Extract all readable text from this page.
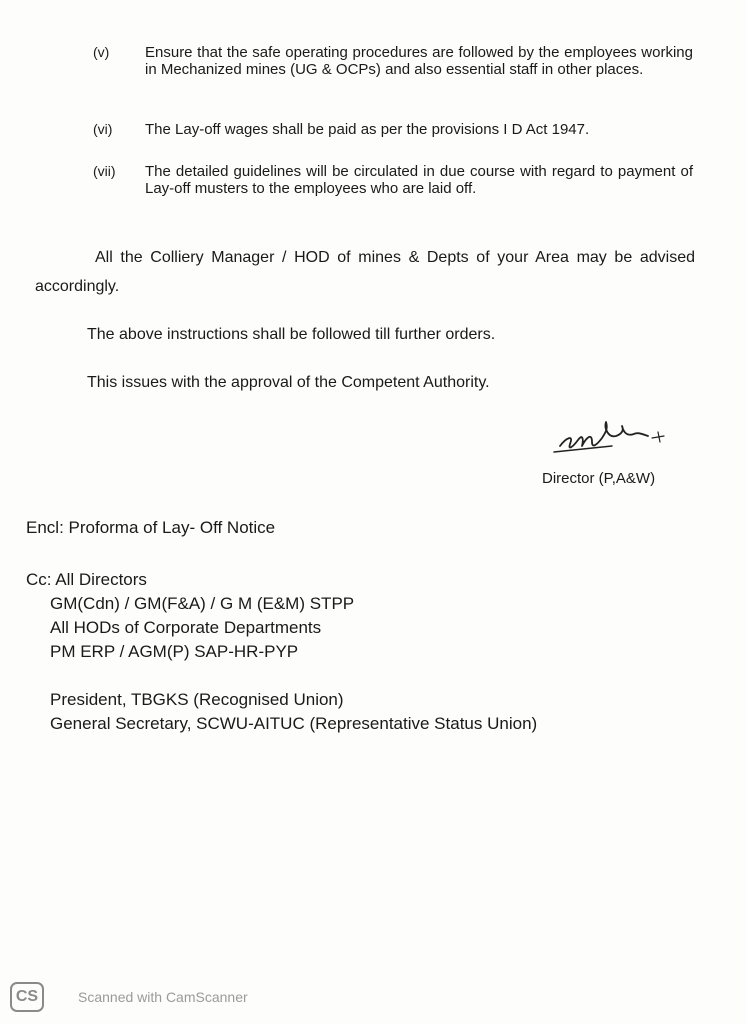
(v) Ensure that the safe operating procedures are followed by the employees working in Mechanized mines (UG & OCPs) and also essential staff in other places.
(vi) The Lay-off wages shall be paid as per the provisions I D Act 1947.
(vii) The detailed guidelines will be circulated in due course with regard to payment of Lay-off musters to the employees who are laid off.
All the Colliery Manager / HOD of mines & Depts of your Area may be advised accordingly.
The above instructions shall be followed till further orders.
This issues with the approval of the Competent Authority.
Director (P,A&W)
Encl: Proforma of Lay- Off Notice
Cc: All Directors
GM(Cdn) / GM(F&A) / G M (E&M) STPP
All HODs of Corporate Departments
PM ERP / AGM(P) SAP-HR-PYP
President, TBGKS (Recognised Union)
General Secretary, SCWU-AITUC (Representative Status Union)
CS	Scanned with CamScanner
